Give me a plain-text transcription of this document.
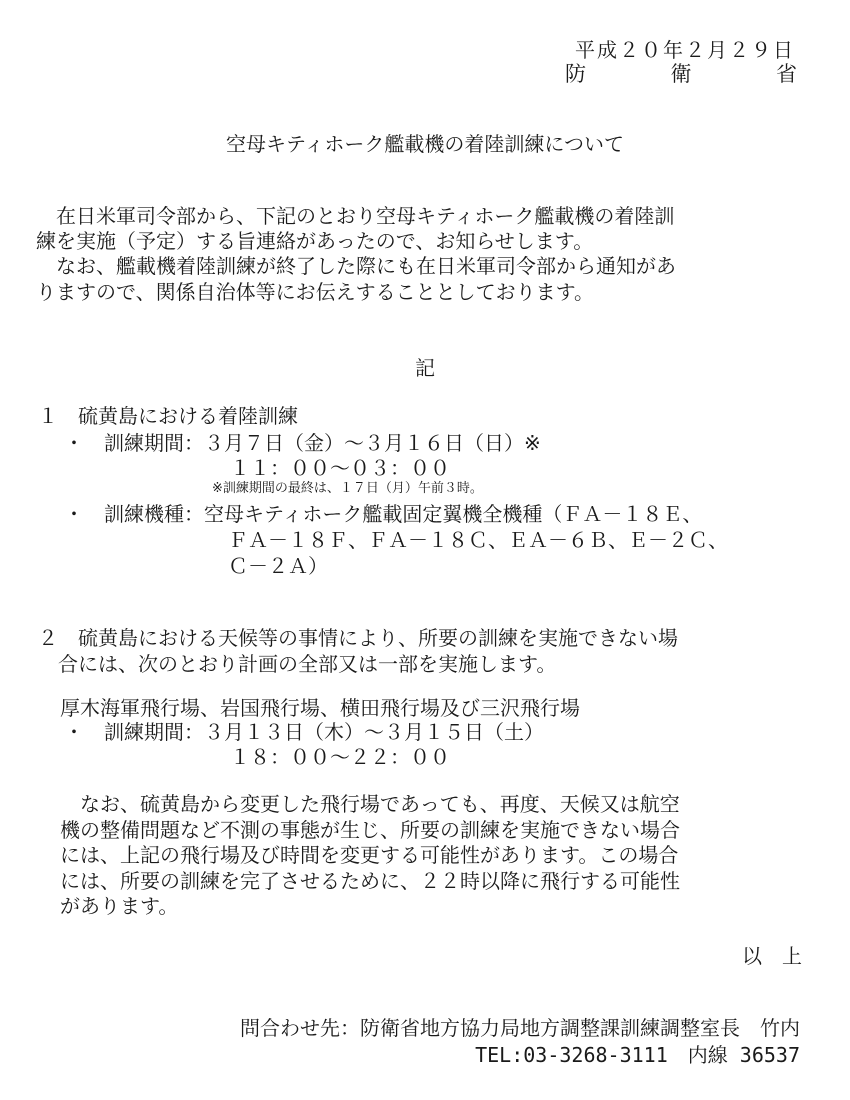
平成２０年２月２９日
防	衛	省
空母キティホーク艦載機の着陸訓練について
　在日米軍司令部から、下記のとおり空母キティホーク艦載機の着陸訓
練を実施（予定）する旨連絡があったので、お知らせします。
　なお、艦載機着陸訓練が終了した際にも在日米軍司令部から通知があ
りますので、関係自治体等にお伝えすることとしております。
記
１　硫黄島における着陸訓練
・　訓練期間：３月７日（金）～３月１６日（日）※
１１：００～０３：００
※訓練期間の最終は、１７日（月）午前３時。
・　訓練機種：空母キティホーク艦載固定翼機全機種（ＦＡ－１８Ｅ、
ＦＡ－１８Ｆ、ＦＡ－１８Ｃ、ＥＡ－６Ｂ、Ｅ－２Ｃ、
Ｃ－２Ａ）
２　硫黄島における天候等の事情により、所要の訓練を実施できない場
　合には、次のとおり計画の全部又は一部を実施します。
厚木海軍飛行場、岩国飛行場、横田飛行場及び三沢飛行場
・　訓練期間：３月１３日（木）～３月１５日（土）
１８：００～２２：００
　なお、硫黄島から変更した飛行場であっても、再度、天候又は航空
機の整備問題など不測の事態が生じ、所要の訓練を実施できない場合
には、上記の飛行場及び時間を変更する可能性があります。この場合
には、所要の訓練を完了させるために、２２時以降に飛行する可能性
があります。
以　上
問合わせ先：防衛省地方協力局地方調整課訓練調整室長　竹内
TEL:03-3268-3111　内線 36537
